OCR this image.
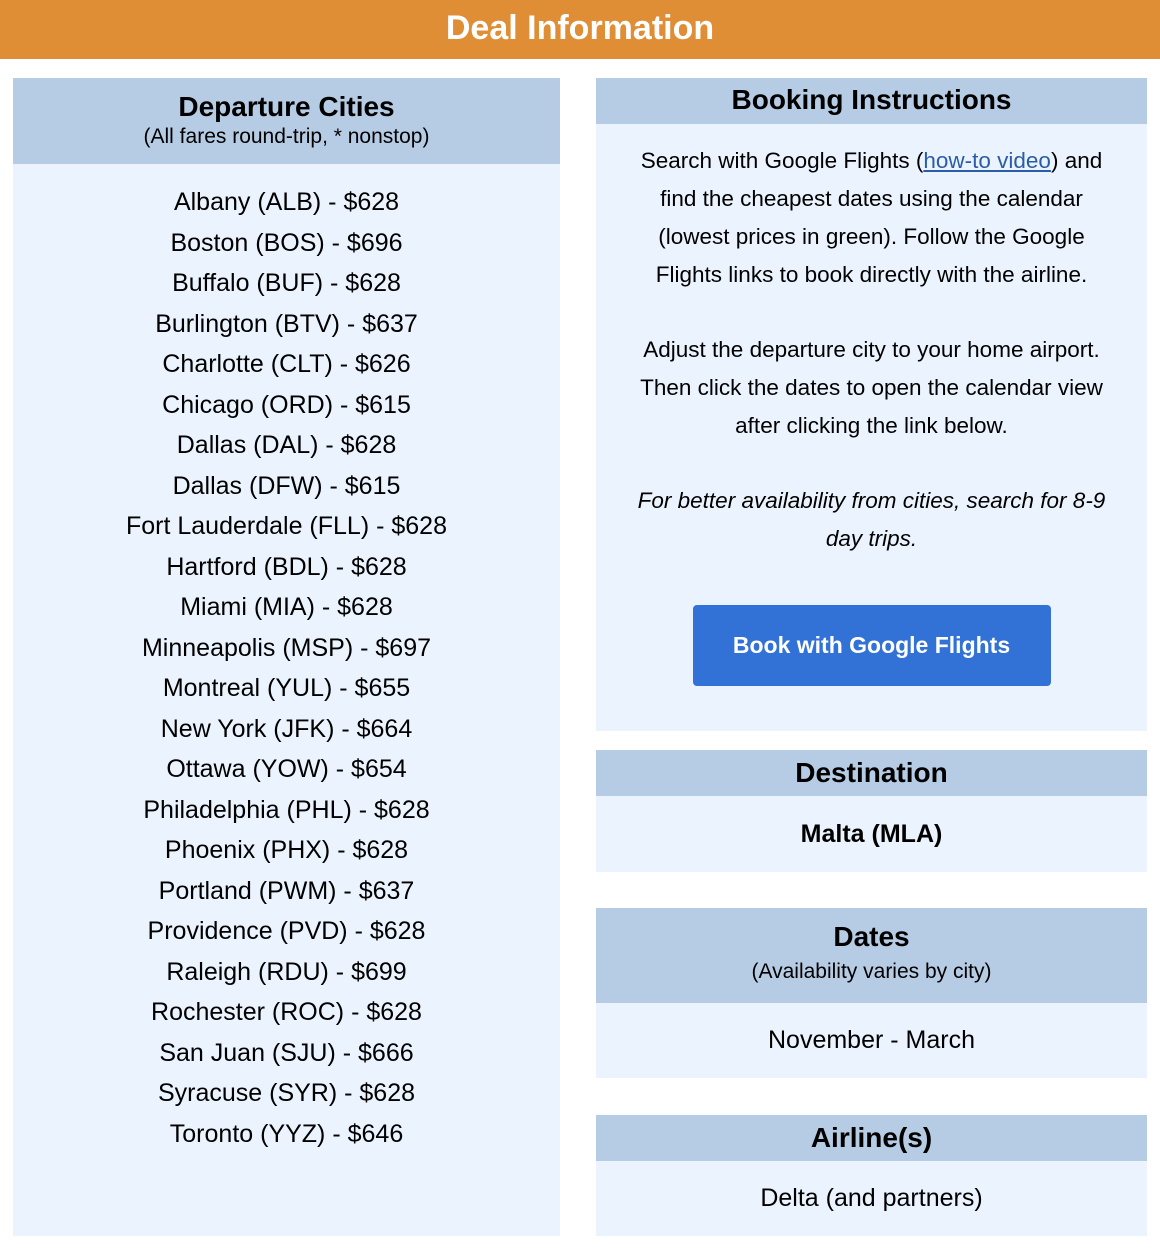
Deal Information
Departure Cities
(All fares round-trip, * nonstop)
Albany (ALB) - $628
Boston (BOS) - $696
Buffalo (BUF) - $628
Burlington (BTV) - $637
Charlotte (CLT) - $626
Chicago (ORD) - $615
Dallas (DAL) - $628
Dallas (DFW) - $615
Fort Lauderdale (FLL) - $628
Hartford (BDL) - $628
Miami (MIA) - $628
Minneapolis (MSP) - $697
Montreal (YUL) - $655
New York (JFK) - $664
Ottawa (YOW) - $654
Philadelphia (PHL) - $628
Phoenix (PHX) - $628
Portland (PWM) - $637
Providence (PVD) - $628
Raleigh (RDU) - $699
Rochester (ROC) - $628
San Juan (SJU) - $666
Syracuse (SYR) - $628
Toronto (YYZ) - $646
Booking Instructions
Search with Google Flights (how-to video) and find the cheapest dates using the calendar (lowest prices in green). Follow the Google Flights links to book directly with the airline.
Adjust the departure city to your home airport. Then click the dates to open the calendar view after clicking the link below.
For better availability from cities, search for 8-9 day trips.
Book with Google Flights
Destination
Malta (MLA)
Dates
(Availability varies by city)
November - March
Airline(s)
Delta (and partners)
